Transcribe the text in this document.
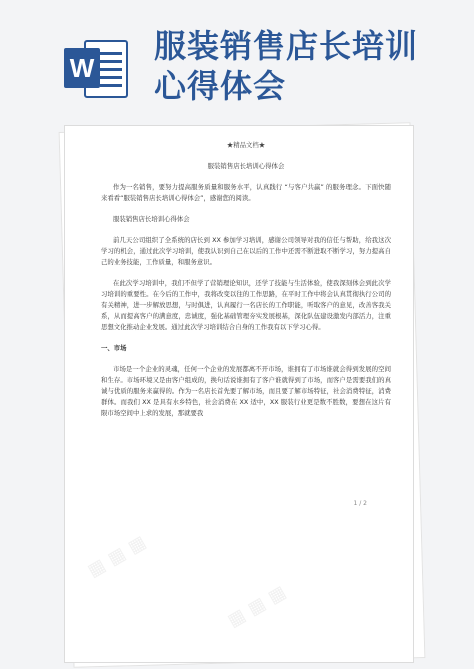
W
服装销售店长培训
心得体会
▦ ▦ ▦
▦ ▦ ▦
★精品文档★
服装销售店长培训心得体会

作为一名销售，要努力提高服务质量和服务水平，认真践行 “与客户共赢” 的服务理念。下面快随来看看“服装销售店长培训心得体会”，感谢您的阅读。

服装销售店长培训心得体会

前几天公司组织了全系统的店长到 XX 参加学习培训，感谢公司领导对我的信任与帮助，给我这次学习的机会，通过此次学习培训，使我认识到自己在以后的工作中还需不断进取不断学习，努力提高自己的业务技能，工作质量，和服务意识。

在此次学习培训中，我们不但学了营销理论知识，还学了技能与生活体验，使我深刻体会到此次学习培训的重要性。在今后的工作中，我将改变以往的工作思路，在平时工作中将会认真贯彻执行公司的有关精神，进一步解放思想，与时俱进，认真履行一名店长的工作职能，听取客户的意见，改善客我关系，从而提高客户的满意度，忠诚度，强化基础管理夯实发展根基，深化队伍建设激发内部活力，注重思想文化推动企业发展。通过此次学习培训结合自身的工作我有以下学习心得。

一、市场

市场是一个企业的灵魂，任何一个企业的发展都离不开市场，谁拥有了市场谁就会得到发展的空间和生存。市场环境又是由客户组成的，换句话说谁拥有了客户谁就得到了市场，而客户是需要我们的真诚与优质的服务来赢得的。作为一名店长首先要了解市场，而且要了解市场特征，社会消费特征，消费群体。而我们 XX 是具有水乡特色，社会消费在 XX 适中，XX 服装行业更是数不胜数，要想在这片有限市场空间中上求的发展，那就要我

1 / 2
